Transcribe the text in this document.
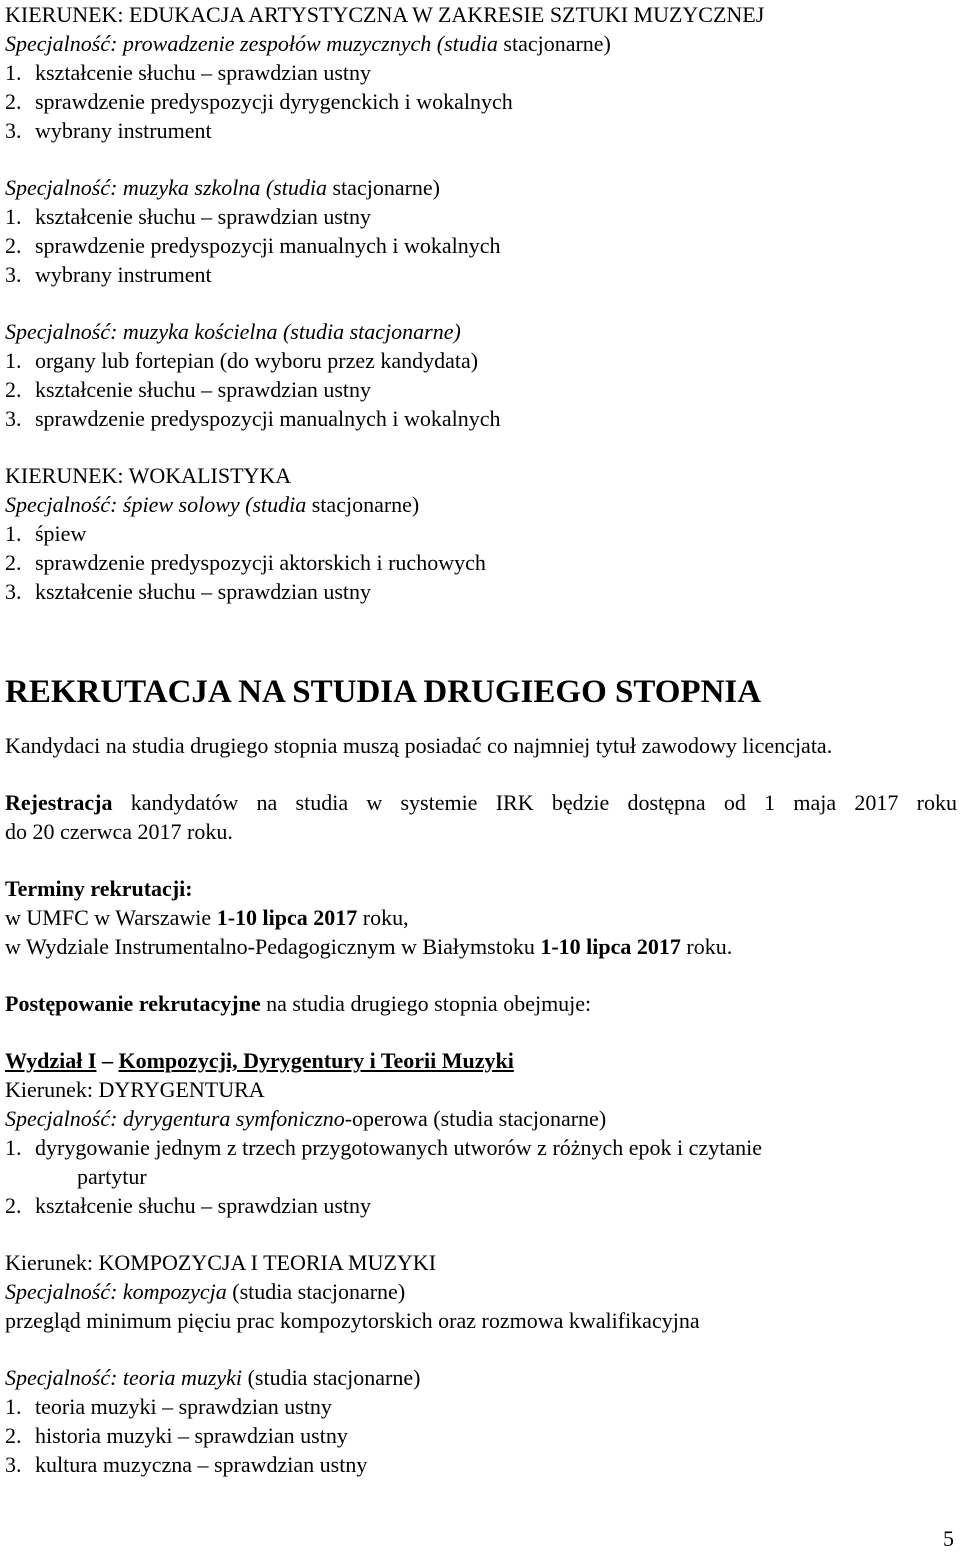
KIERUNEK: EDUKACJA ARTYSTYCZNA W ZAKRESIE SZTUKI MUZYCZNEJ
Specjalność: prowadzenie zespołów muzycznych (studia stacjonarne)
1. kształcenie słuchu – sprawdzian ustny
2. sprawdzenie predyspozycji dyrygenckich i wokalnych
3. wybrany instrument
Specjalność: muzyka szkolna (studia stacjonarne)
1. kształcenie słuchu – sprawdzian ustny
2. sprawdzenie predyspozycji manualnych i wokalnych
3. wybrany instrument
Specjalność: muzyka kościelna (studia stacjonarne)
1. organy lub fortepian (do wyboru przez kandydata)
2. kształcenie słuchu – sprawdzian ustny
3. sprawdzenie predyspozycji manualnych i wokalnych
KIERUNEK: WOKALISTYKA
Specjalność: śpiew solowy (studia stacjonarne)
1. śpiew
2. sprawdzenie predyspozycji aktorskich i ruchowych
3. kształcenie słuchu – sprawdzian ustny
REKRUTACJA NA STUDIA DRUGIEGO STOPNIA
Kandydaci na studia drugiego stopnia muszą posiadać co najmniej tytuł zawodowy licencjata.
Rejestracja kandydatów na studia w systemie IRK będzie dostępna od 1 maja 2017 roku
do 20 czerwca 2017 roku.
Terminy rekrutacji:
w UMFC w Warszawie 1-10 lipca 2017 roku,
w Wydziale Instrumentalno-Pedagogicznym w Białymstoku 1-10 lipca 2017 roku.
Postępowanie rekrutacyjne na studia drugiego stopnia obejmuje:
Wydział I – Kompozycji, Dyrygentury i Teorii Muzyki
Kierunek: DYRYGENTURA
Specjalność: dyrygentura symfoniczno-operowa (studia stacjonarne)
1. dyrygowanie jednym z trzech przygotowanych utworów z różnych epok i czytanie
partytur
2. kształcenie słuchu – sprawdzian ustny
Kierunek: KOMPOZYCJA I TEORIA MUZYKI
Specjalność: kompozycja (studia stacjonarne)
przegląd minimum pięciu prac kompozytorskich oraz rozmowa kwalifikacyjna
Specjalność: teoria muzyki (studia stacjonarne)
1. teoria muzyki – sprawdzian ustny
2. historia muzyki – sprawdzian ustny
3. kultura muzyczna – sprawdzian ustny
5
